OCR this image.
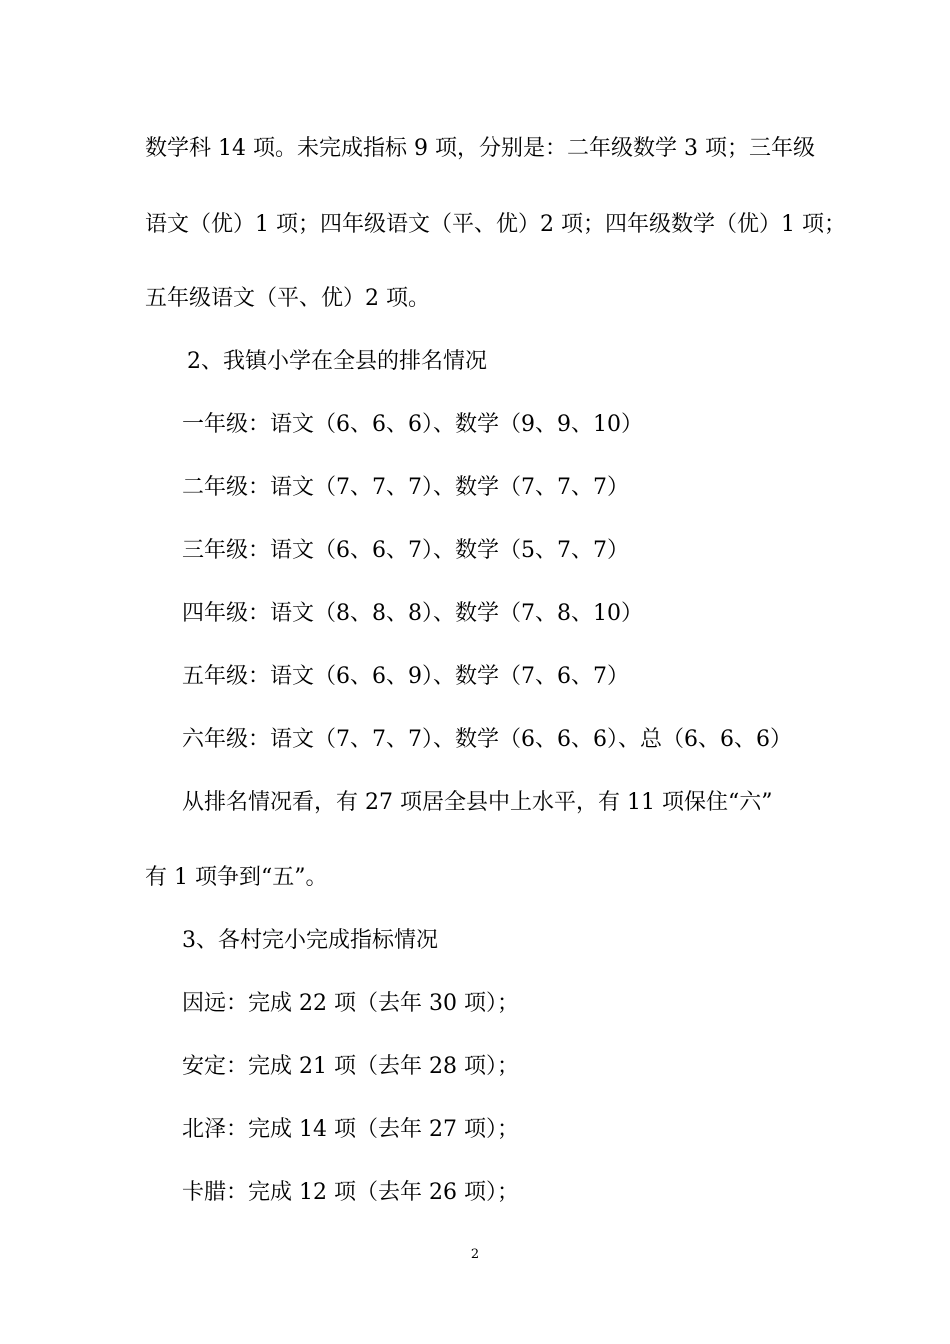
数学科 14 项。未完成指标 9 项，分别是：二年级数学 3 项；三年级
语文（优）1 项；四年级语文（平、优）2 项；四年级数学（优）1 项；
五年级语文（平、优）2 项。
2、我镇小学在全县的排名情况
一年级：语文（6、6、6）、数学（9、9、10）
二年级：语文（7、7、7）、数学（7、7、7）
三年级：语文（6、6、7）、数学（5、7、7）
四年级：语文（8、8、8）、数学（7、8、10）
五年级：语文（6、6、9）、数学（7、6、7）
六年级：语文（7、7、7）、数学（6、6、6）、总（6、6、6）
从排名情况看，有 27 项居全县中上水平，有 11 项保住“六”
有 1 项争到“五”。
3、各村完小完成指标情况
因远：完成 22 项（去年 30 项）；
安定：完成 21 项（去年 28 项）；
北泽：完成 14 项（去年 27 项）；
卡腊：完成 12 项（去年 26 项）；
2
